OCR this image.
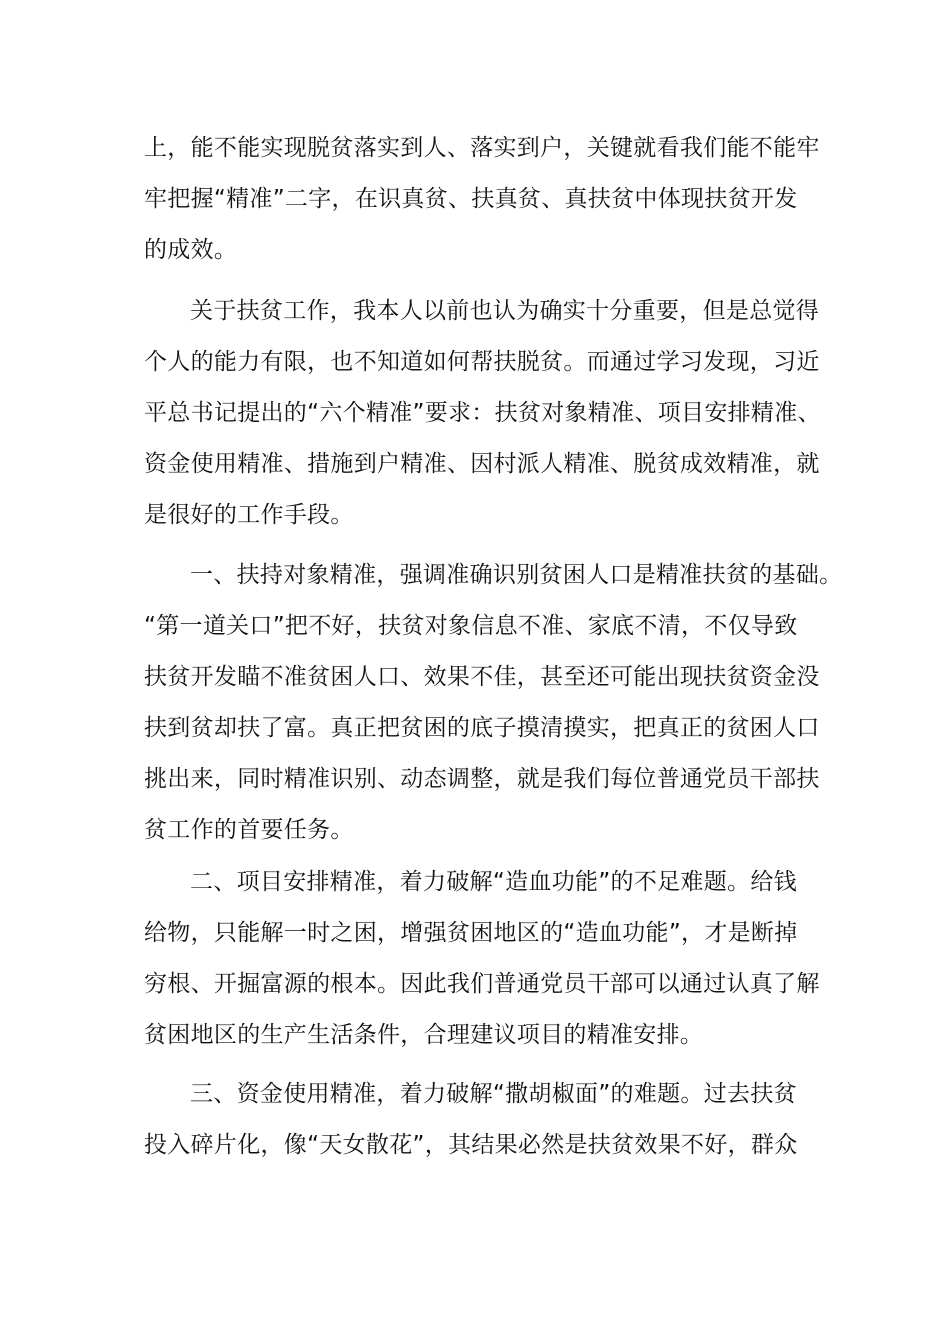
上，能不能实现脱贫落实到人、落实到户，关键就看我们能不能牢
牢把握“精准”二字，在识真贫、扶真贫、真扶贫中体现扶贫开发
的成效。
关于扶贫工作，我本人以前也认为确实十分重要，但是总觉得
个人的能力有限，也不知道如何帮扶脱贫。而通过学习发现，习近
平总书记提出的“六个精准”要求：扶贫对象精准、项目安排精准、
资金使用精准、措施到户精准、因村派人精准、脱贫成效精准，就
是很好的工作手段。
一、扶持对象精准，强调准确识别贫困人口是精准扶贫的基础。
“第一道关口”把不好，扶贫对象信息不准、家底不清，不仅导致
扶贫开发瞄不准贫困人口、效果不佳，甚至还可能出现扶贫资金没
扶到贫却扶了富。真正把贫困的底子摸清摸实，把真正的贫困人口
挑出来，同时精准识别、动态调整，就是我们每位普通党员干部扶
贫工作的首要任务。
二、项目安排精准，着力破解“造血功能”的不足难题。给钱
给物，只能解一时之困，增强贫困地区的“造血功能”，才是断掉
穷根、开掘富源的根本。因此我们普通党员干部可以通过认真了解
贫困地区的生产生活条件，合理建议项目的精准安排。
三、资金使用精准，着力破解“撒胡椒面”的难题。过去扶贫
投入碎片化，像“天女散花”，其结果必然是扶贫效果不好，群众
